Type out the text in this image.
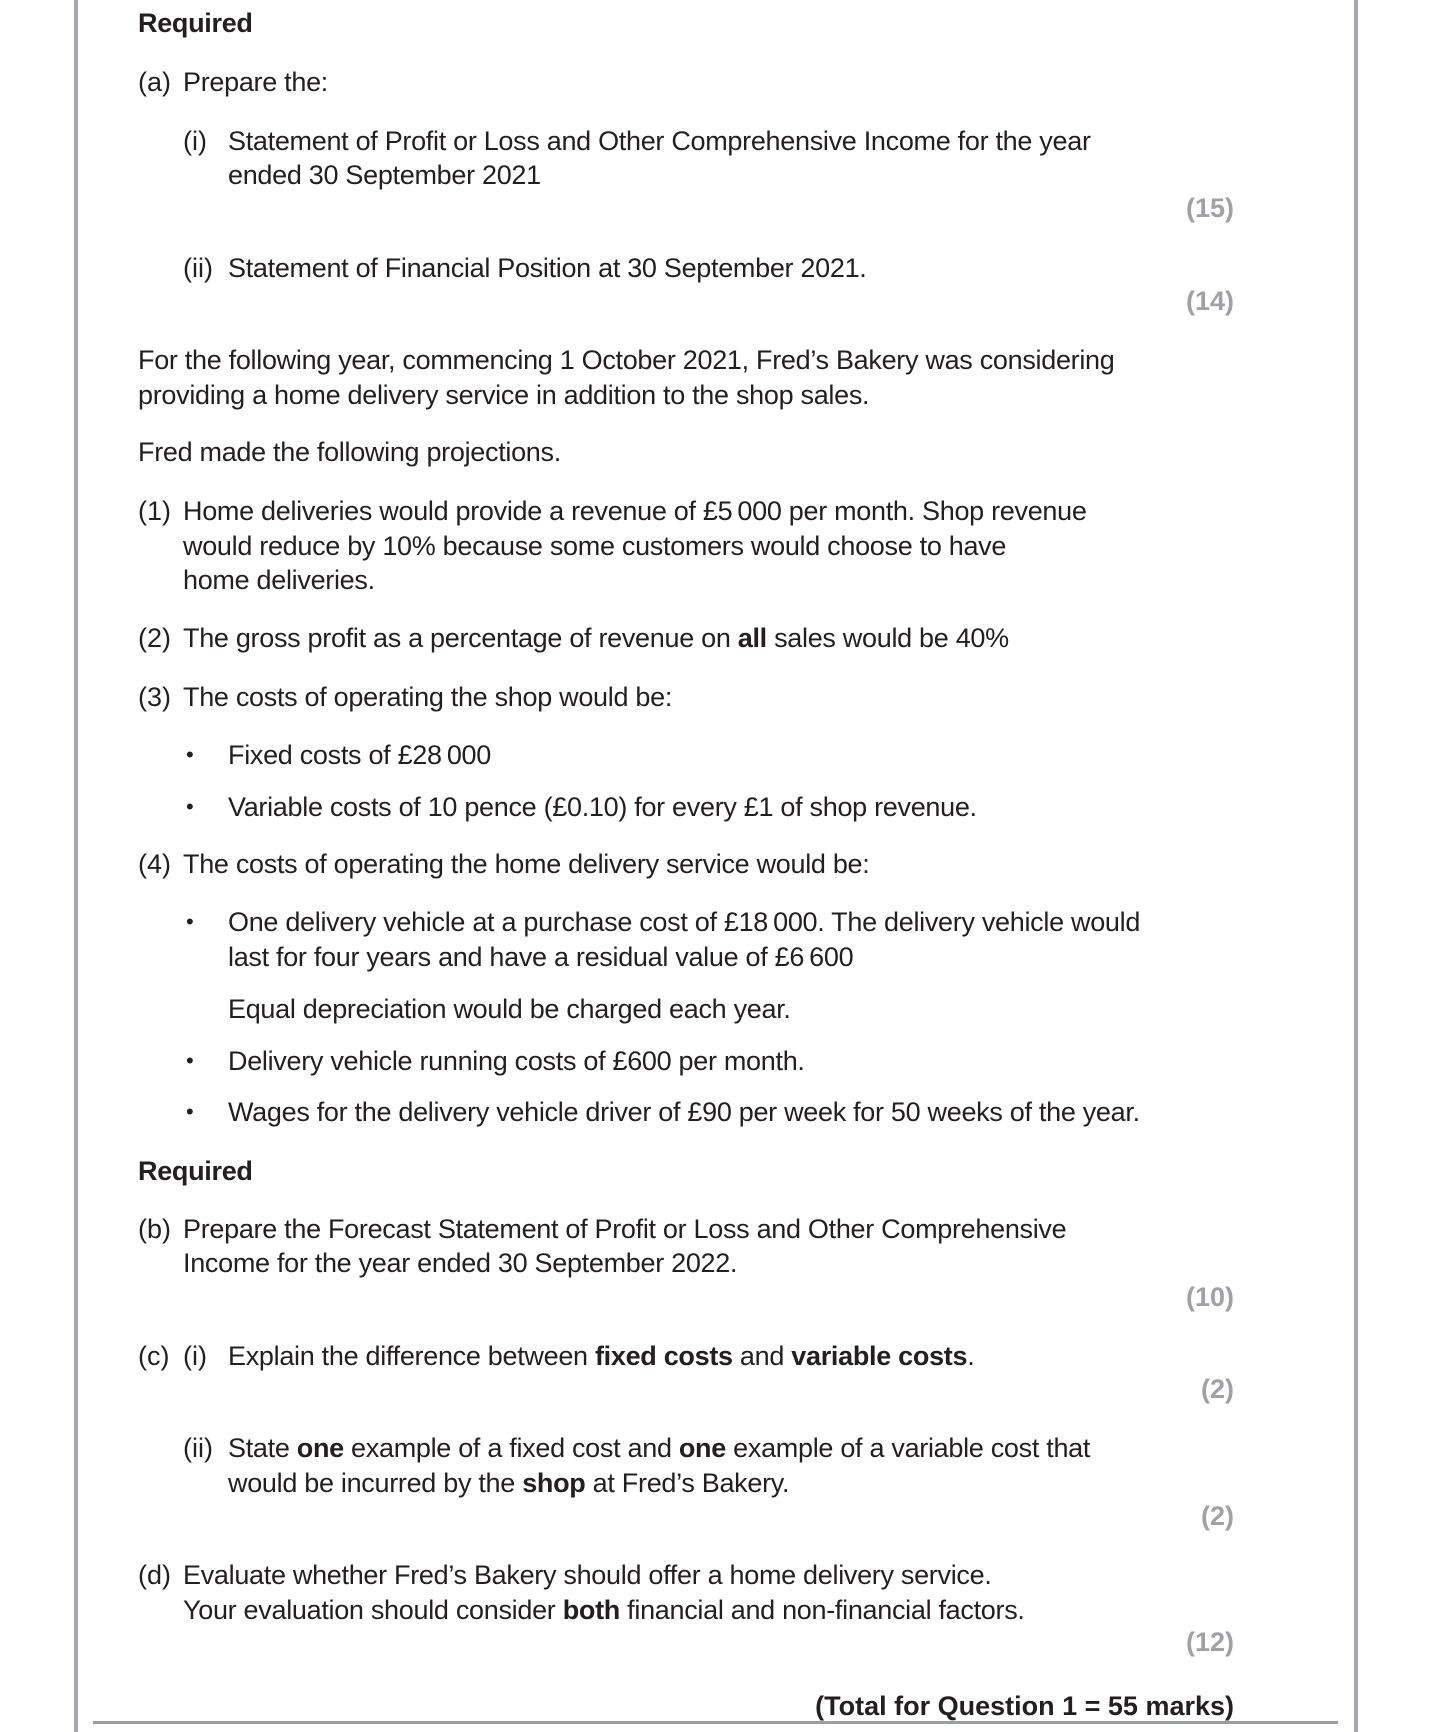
Required
(a) Prepare the:
(i) Statement of Profit or Loss and Other Comprehensive Income for the year
ended 30 September 2021
(15)
(ii) Statement of Financial Position at 30 September 2021.
(14)
For the following year, commencing 1 October 2021, Fred’s Bakery was considering
providing a home delivery service in addition to the shop sales.
Fred made the following projections.
(1) Home deliveries would provide a revenue of £5 000 per month. Shop revenue
would reduce by 10% because some customers would choose to have
home deliveries.
(2) The gross profit as a percentage of revenue on all sales would be 40%
(3) The costs of operating the shop would be:
• Fixed costs of £28 000
• Variable costs of 10 pence (£0.10) for every £1 of shop revenue.
(4) The costs of operating the home delivery service would be:
• One delivery vehicle at a purchase cost of £18 000. The delivery vehicle would
last for four years and have a residual value of £6 600
Equal depreciation would be charged each year.
• Delivery vehicle running costs of £600 per month.
• Wages for the delivery vehicle driver of £90 per week for 50 weeks of the year.
Required
(b) Prepare the Forecast Statement of Profit or Loss and Other Comprehensive
Income for the year ended 30 September 2022.
(10)
(c) (i) Explain the difference between fixed costs and variable costs.
(2)
(ii) State one example of a fixed cost and one example of a variable cost that
would be incurred by the shop at Fred’s Bakery.
(2)
(d) Evaluate whether Fred’s Bakery should offer a home delivery service.
Your evaluation should consider both financial and non-financial factors.
(12)
(Total for Question 1 = 55 marks)
